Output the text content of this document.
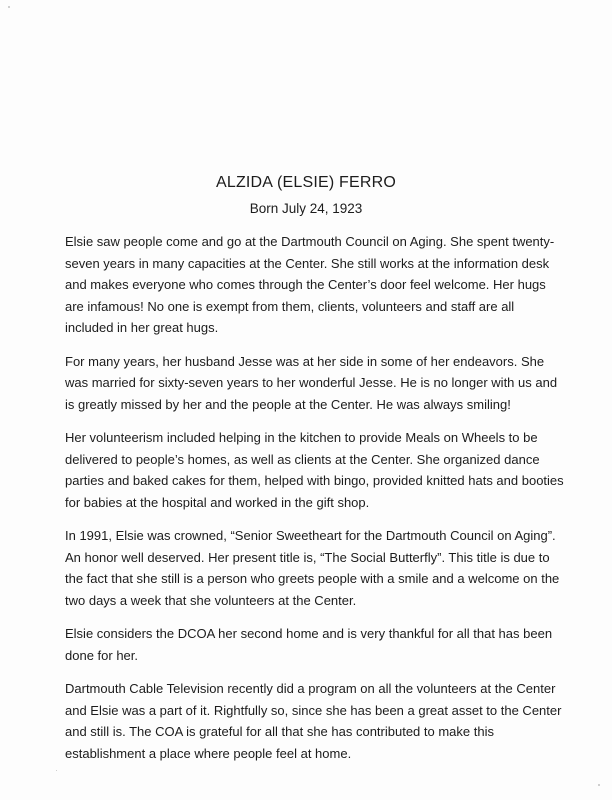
ALZIDA (ELSIE) FERRO
Born July 24, 1923

Elsie saw people come and go at the Dartmouth Council on Aging. She spent twenty-seven years in many capacities at the Center. She still works at the information desk and makes everyone who comes through the Center’s door feel welcome. Her hugs are infamous! No one is exempt from them, clients, volunteers and staff are all included in her great hugs.

For many years, her husband Jesse was at her side in some of her endeavors. She was married for sixty-seven years to her wonderful Jesse. He is no longer with us and is greatly missed by her and the people at the Center. He was always smiling!

Her volunteerism included helping in the kitchen to provide Meals on Wheels to be delivered to people’s homes, as well as clients at the Center. She organized dance parties and baked cakes for them, helped with bingo, provided knitted hats and booties for babies at the hospital and worked in the gift shop.

In 1991, Elsie was crowned, “Senior Sweetheart for the Dartmouth Council on Aging”. An honor well deserved. Her present title is, “The Social Butterfly”. This title is due to the fact that she still is a person who greets people with a smile and a welcome on the two days a week that she volunteers at the Center.

Elsie considers the DCOA her second home and is very thankful for all that has been done for her.

Dartmouth Cable Television recently did a program on all the volunteers at the Center and Elsie was a part of it. Rightfully so, since she has been a great asset to the Center and still is. The COA is grateful for all that she has contributed to make this establishment a place where people feel at home.
